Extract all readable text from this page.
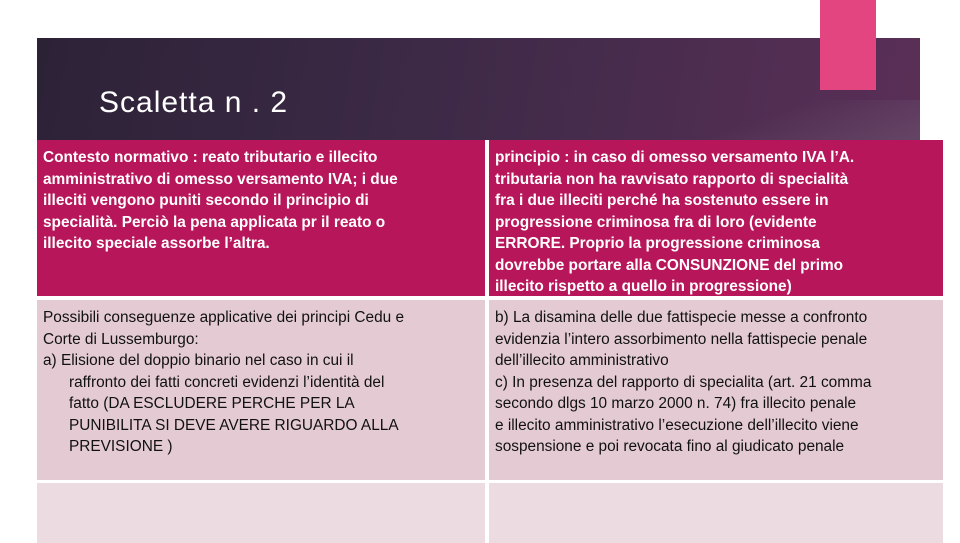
Scaletta n . 2
Contesto normativo : reato tributario e illecito
amministrativo di omesso versamento IVA; i due
illeciti vengono puniti secondo il principio di
specialità. Perciò la pena applicata pr il reato o
illecito speciale assorbe l’altra.
principio : in caso di omesso versamento IVA l’A.
tributaria non ha ravvisato rapporto di specialità
fra i due illeciti perché ha sostenuto essere in
progressione criminosa fra di loro (evidente
ERRORE. Proprio la progressione criminosa
dovrebbe portare alla CONSUNZIONE del primo
illecito rispetto a quello in progressione)
Possibili conseguenze applicative dei principi Cedu e
Corte di Lussemburgo:
a) Elisione del doppio binario nel caso in cui il
raffronto dei fatti concreti evidenzi l’identità del
fatto (DA ESCLUDERE PERCHE PER LA
PUNIBILITA SI DEVE AVERE RIGUARDO ALLA
PREVISIONE )
b) La disamina delle due fattispecie messe a confronto
evidenzia l’intero assorbimento nella fattispecie penale
dell’illecito amministrativo
c) In presenza del rapporto di specialita (art. 21 comma
secondo dlgs 10 marzo 2000 n. 74) fra illecito penale
e illecito amministrativo l’esecuzione dell’illecito viene
sospensione e poi revocata fino al giudicato penale
